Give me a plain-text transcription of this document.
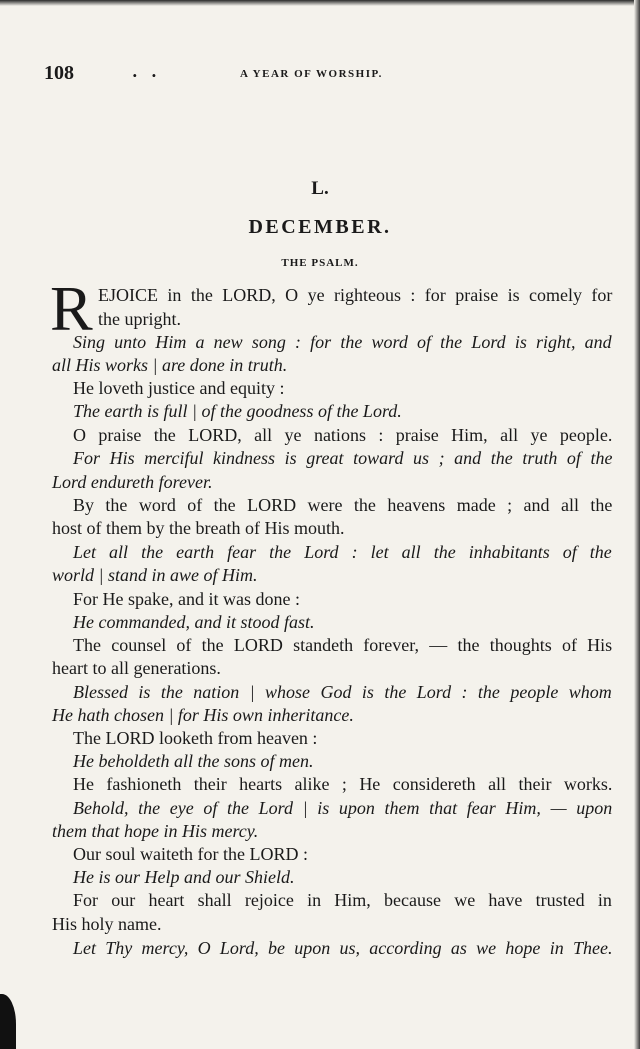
108	. .	A YEAR OF WORSHIP.
L.
DECEMBER.
THE PSALM.
R EJOICE in the LORD, O ye righteous : for praise is comely for
the upright.
Sing unto Him a new song : for the word of the Lord is right, and
all His works | are done in truth.
He loveth justice and equity :
The earth is full | of the goodness of the Lord.
O praise the LORD, all ye nations : praise Him, all ye people.
For His merciful kindness is great toward us ; and the truth of the
Lord endureth forever.
By the word of the LORD were the heavens made ; and all the
host of them by the breath of His mouth.
Let all the earth fear the Lord : let all the inhabitants of the
world | stand in awe of Him.
For He spake, and it was done :
He commanded, and it stood fast.
The counsel of the LORD standeth forever, — the thoughts of His
heart to all generations.
Blessed is the nation | whose God is the Lord : the people whom
He hath chosen | for His own inheritance.
The LORD looketh from heaven :
He beholdeth all the sons of men.
He fashioneth their hearts alike ; He considereth all their works.
Behold, the eye of the Lord | is upon them that fear Him, — upon
them that hope in His mercy.
Our soul waiteth for the LORD :
He is our Help and our Shield.
For our heart shall rejoice in Him, because we have trusted in
His holy name.
Let Thy mercy, O Lord, be upon us, according as we hope in Thee.
